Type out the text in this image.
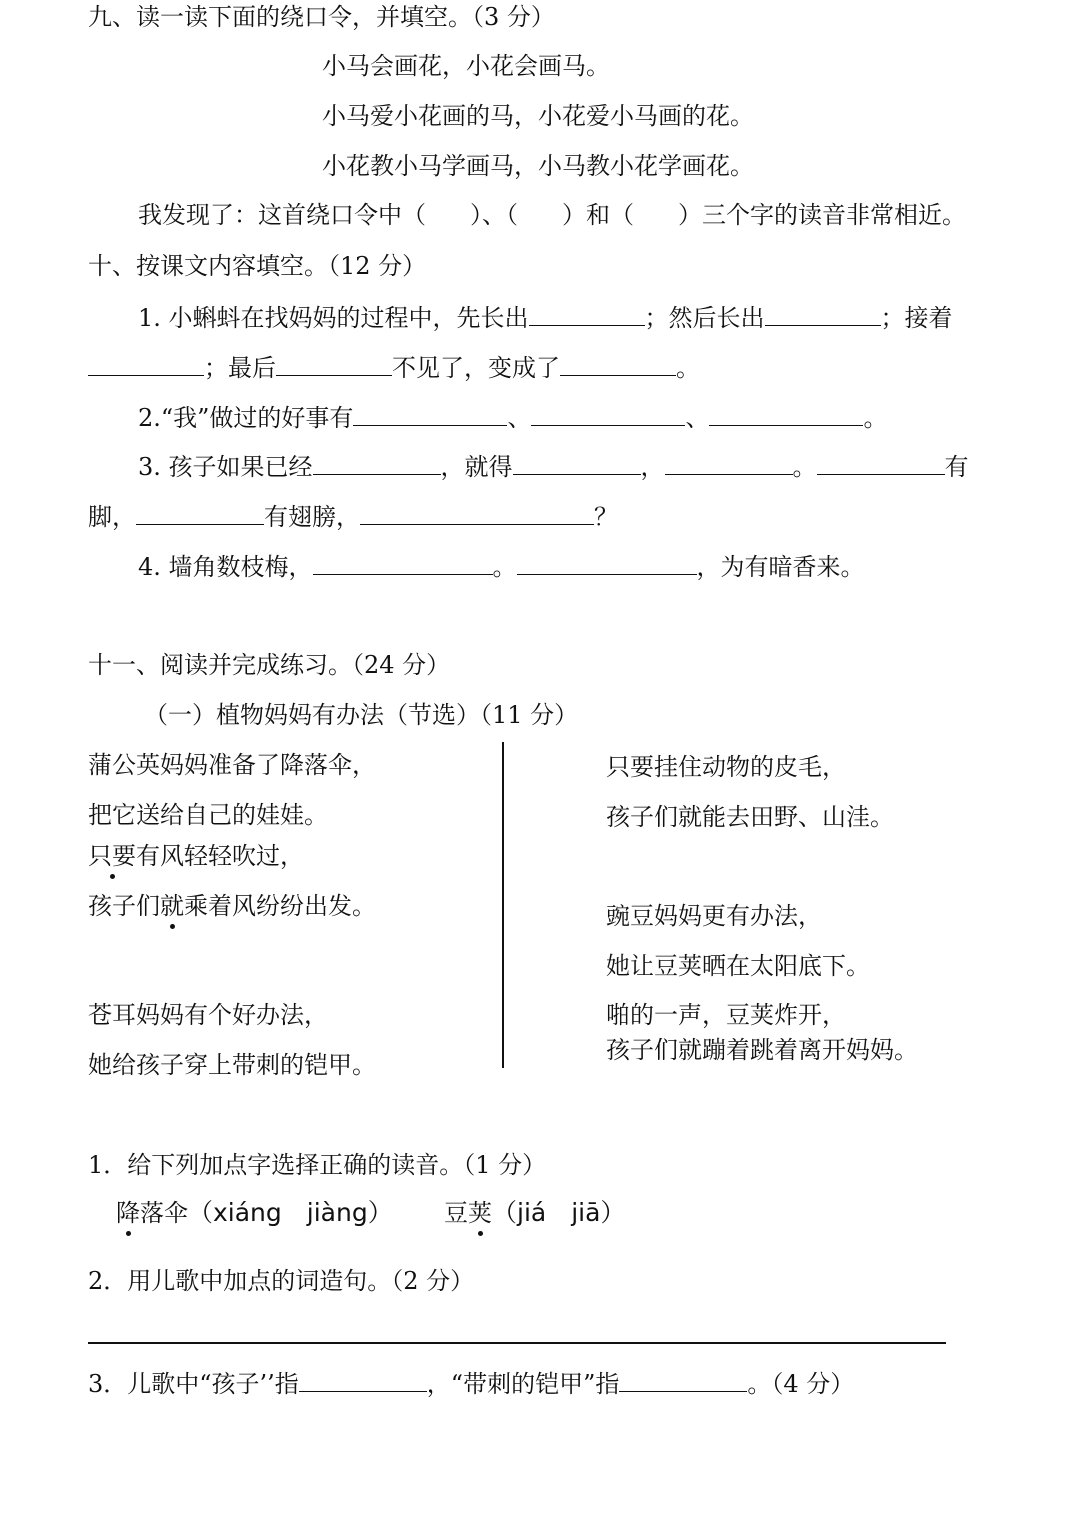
九、读一读下面的绕口令，并填空。（3 分）
小马会画花，小花会画马。
小马爱小花画的马，小花爱小马画的花。
小花教小马学画马，小马教小花学画花。
我发现了：这首绕口令中（ ）、（ ）和（ ）三个字的读音非常相近。
十、按课文内容填空。（12 分）
1. 小蝌蚪在找妈妈的过程中，先长出	；然后长出	；接着
；最后	不见了，变成了	。
2.“我”做过的好事有	、	、	。
3. 孩子如果已经	，就得	，	。	有
脚，	有翅膀，	？
4. 墙角数枝梅，	。	，为有暗香来。
十一、阅读并完成练习。（24 分）
（一）植物妈妈有办法（节选）（11 分）
蒲公英妈妈准备了降落伞，
把它送给自己的娃娃。
只要有风轻轻吹过，
孩子们就乘着风纷纷出发。
苍耳妈妈有个好办法，
她给孩子穿上带刺的铠甲。
只要挂住动物的皮毛，
孩子们就能去田野、山洼。
豌豆妈妈更有办法，
她让豆荚晒在太阳底下。
啪的一声，豆荚炸开，
孩子们就蹦着跳着离开妈妈。
1．给下列加点字选择正确的读音。（1 分）
降落伞（xiáng　jiàng） 豆荚（jiá　jiā）
2．用儿歌中加点的词造句。（2 分）
3．儿歌中“孩子’’指	，“带刺的铠甲”指	。（4 分）
